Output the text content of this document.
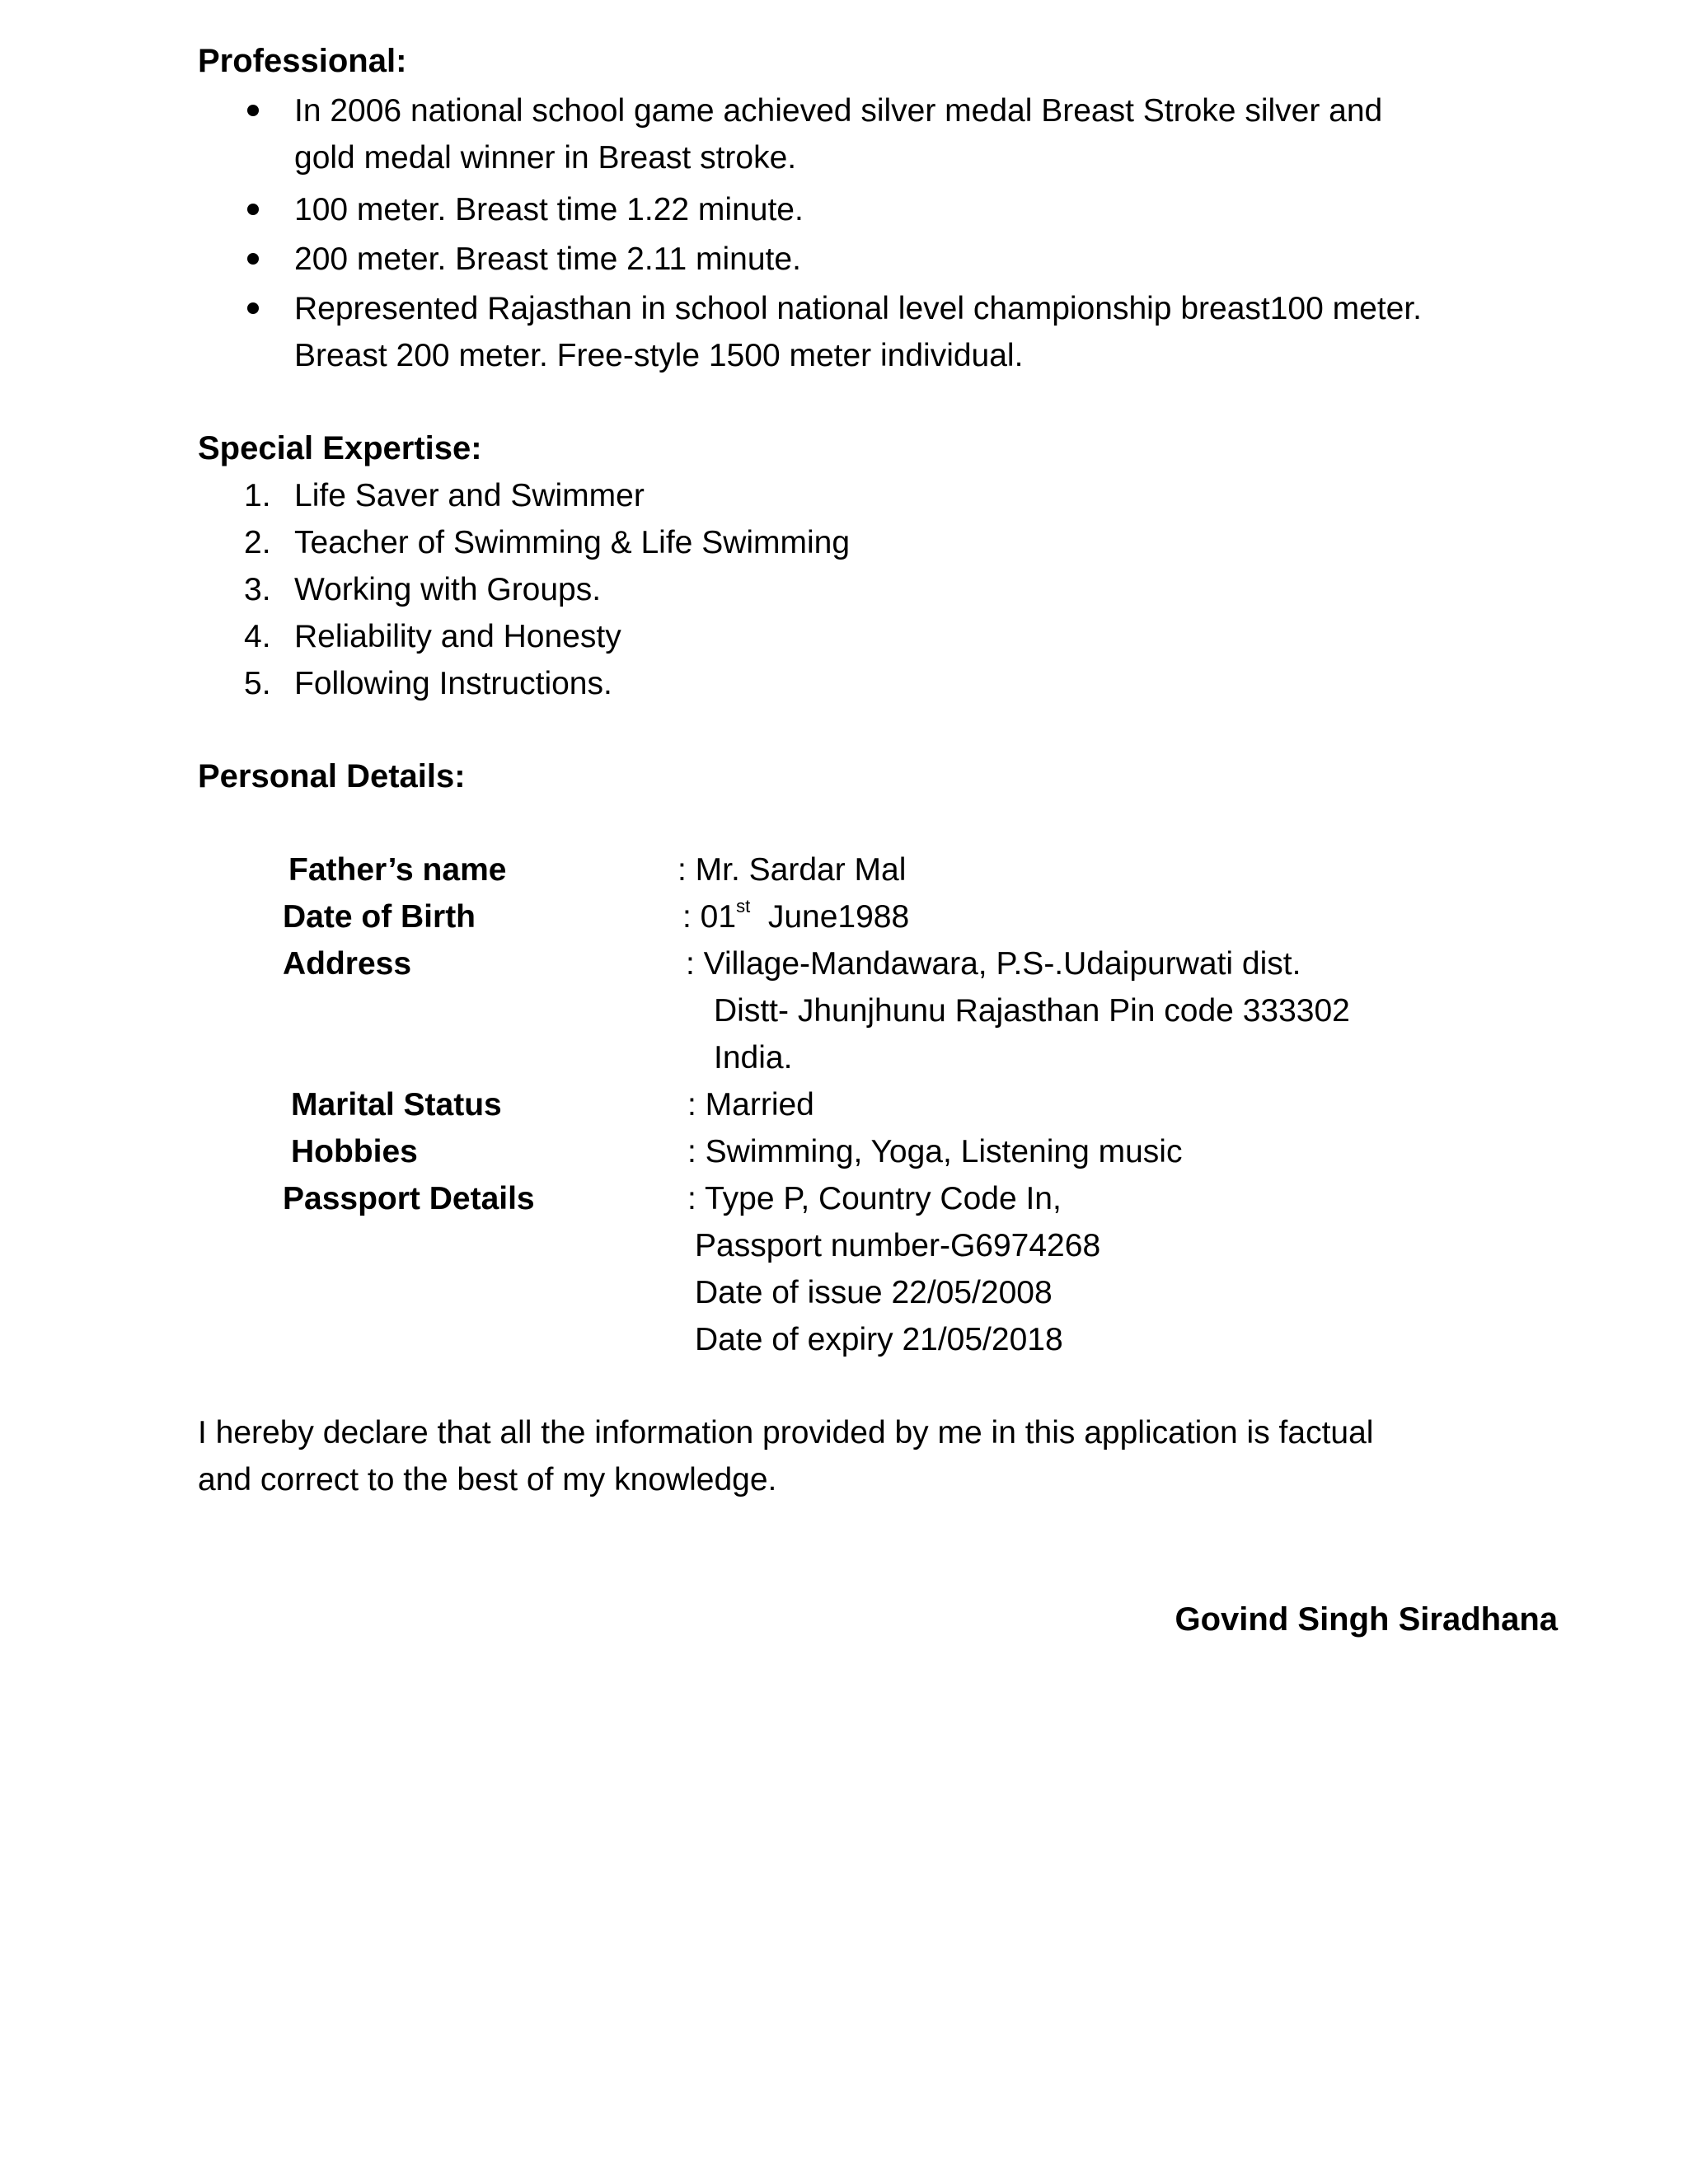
Professional:
In 2006 national school game achieved silver medal Breast Stroke silver and
gold medal winner in Breast stroke.
100 meter. Breast time 1.22 minute.
200 meter. Breast time 2.11 minute.
Represented Rajasthan in school national level championship breast100 meter.
Breast 200 meter. Free-style 1500 meter individual.
Special Expertise:
1. Life Saver and Swimmer
2. Teacher of Swimming & Life Swimming
3. Working with Groups.
4. Reliability and Honesty
5. Following Instructions.
Personal Details:
Father’s name	: Mr. Sardar Mal
Date of Birth	: 01st June1988
Address	: Village-Mandawara, P.S-.Udaipurwati dist.
Distt- Jhunjhunu Rajasthan Pin code 333302
India.
Marital Status	: Married
Hobbies	: Swimming, Yoga, Listening music
Passport Details	: Type P, Country Code In,
Passport number-G6974268
Date of issue 22/05/2008
Date of expiry 21/05/2018
I hereby declare that all the information provided by me in this application is factual
and correct to the best of my knowledge.
Govind Singh Siradhana
